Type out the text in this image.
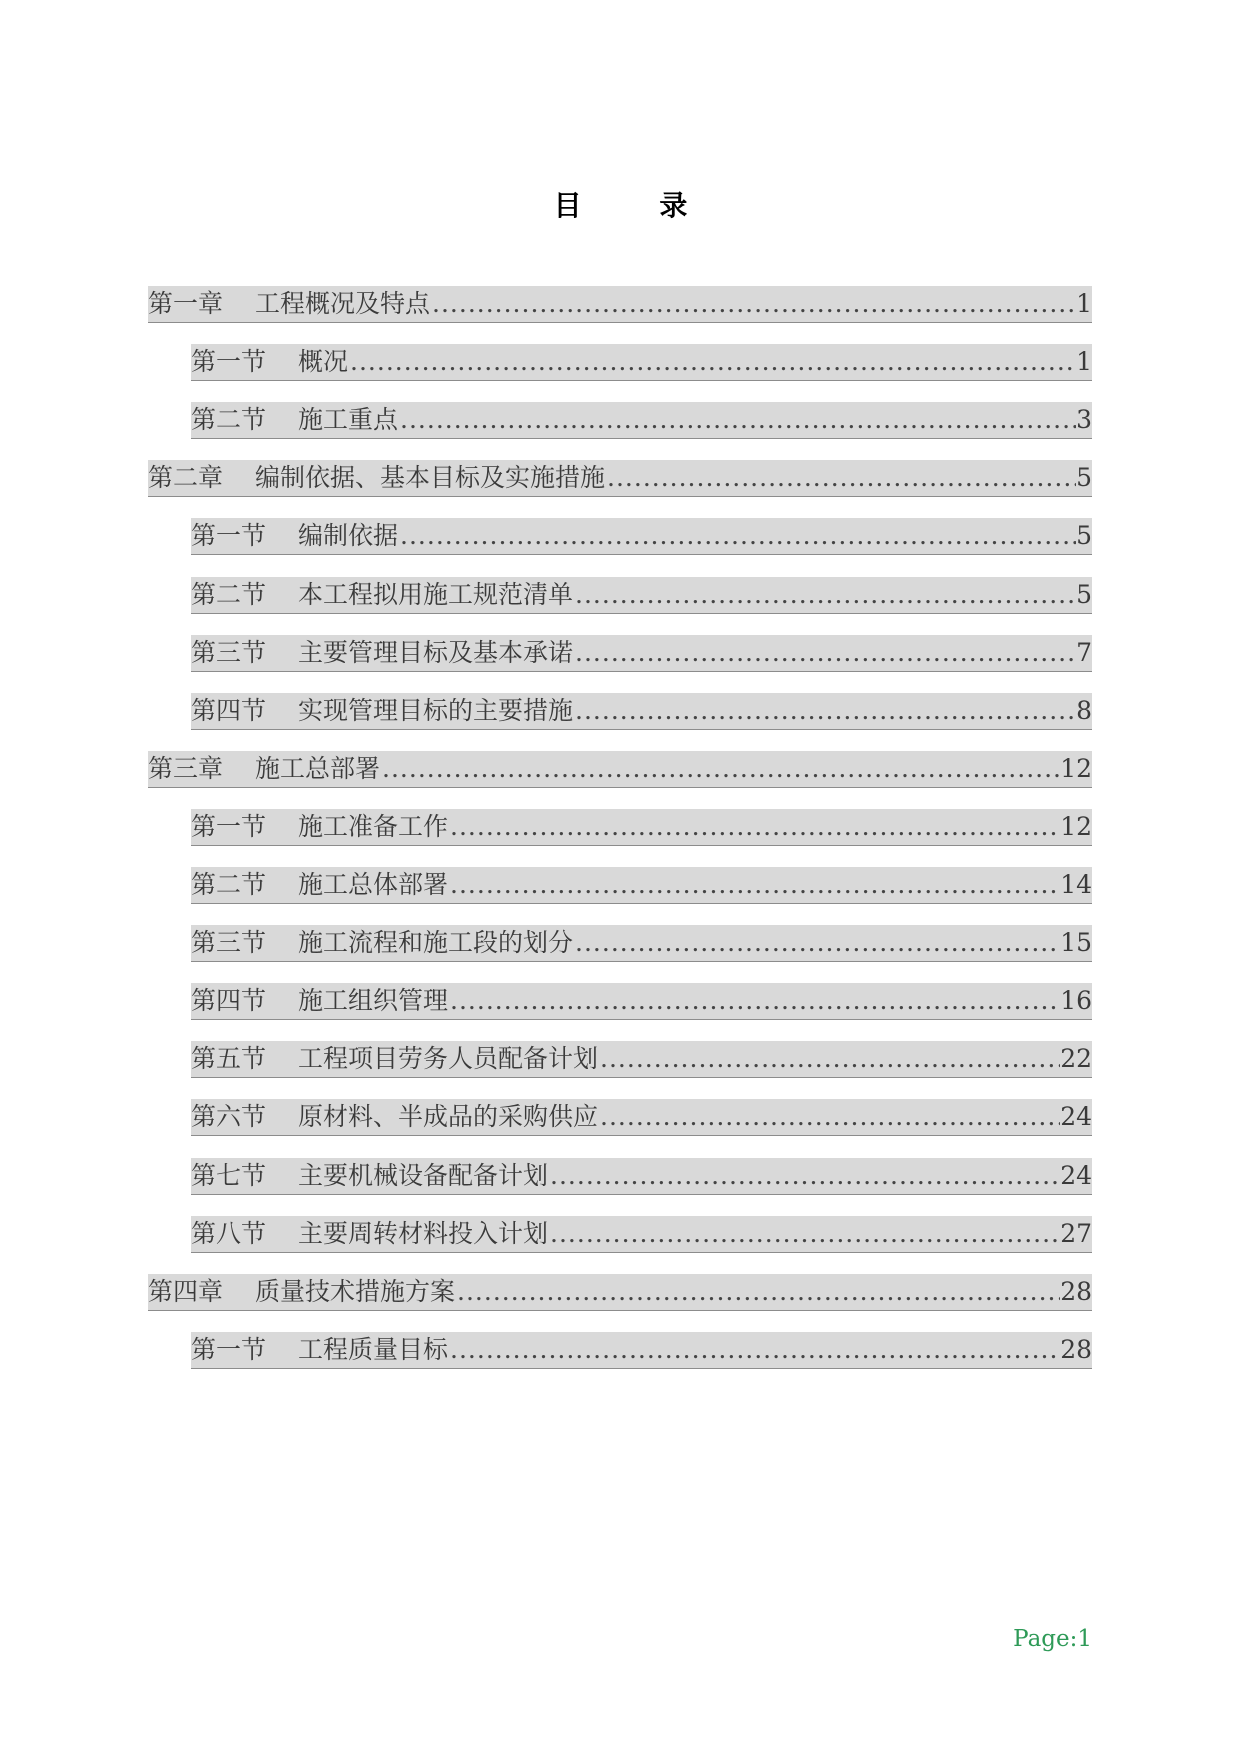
目 录
第一章 工程概况及特点 .....	1
第一节 概况 .....	1
第二节 施工重点 .....	3
第二章 编制依据、基本目标及实施措施 .....	5
第一节 编制依据 .....	5
第二节 本工程拟用施工规范清单 .....	5
第三节 主要管理目标及基本承诺 .....	7
第四节 实现管理目标的主要措施 .....	8
第三章 施工总部署 .....	12
第一节 施工准备工作 .....	12
第二节 施工总体部署 .....	14
第三节 施工流程和施工段的划分 .....	15
第四节 施工组织管理 .....	16
第五节 工程项目劳务人员配备计划 .....	22
第六节 原材料、半成品的采购供应 .....	24
第七节 主要机械设备配备计划 .....	24
第八节 主要周转材料投入计划 .....	27
第四章 质量技术措施方案 .....	28
第一节 工程质量目标 .....	28
Page:1
